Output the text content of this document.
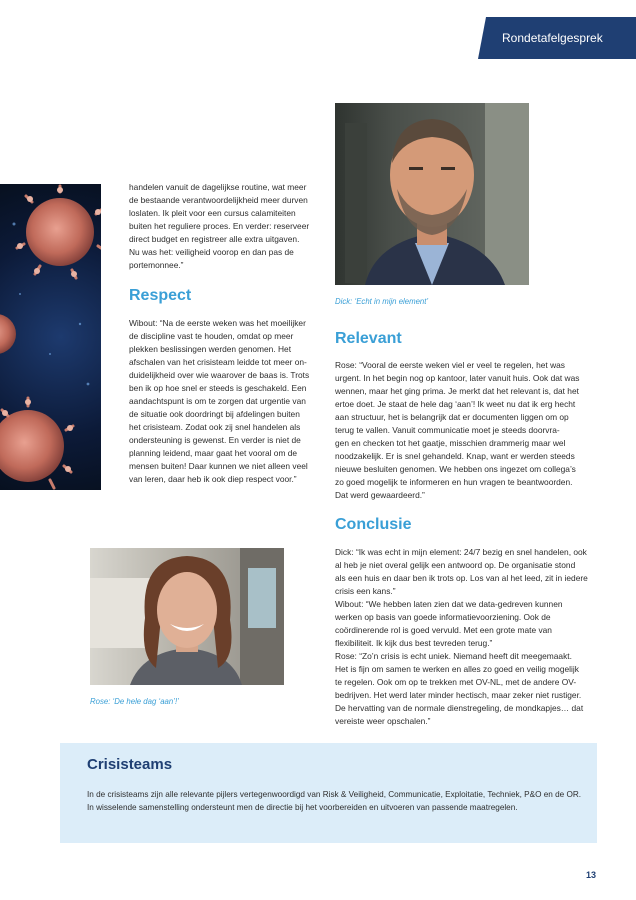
Rondetafelgesprek

handelen vanuit de dagelijkse routine, wat meer
de bestaande verantwoordelijkheid meer durven
loslaten. Ik pleit voor een cursus calamiteiten
buiten het reguliere proces. En verder: reserveer
direct budget en registreer alle extra uitgaven.
Nu was het: veiligheid voorop en dan pas de
portemonnee.”

Respect

Wibout: “Na de eerste weken was het moeilijker
de discipline vast te houden, omdat op meer
plekken beslissingen werden genomen. Het
afschalen van het crisisteam leidde tot meer on-
duidelijkheid over wie waarover de baas is. Trots
ben ik op hoe snel er steeds is geschakeld. Een
aandachtspunt is om te zorgen dat urgentie van
de situatie ook doordringt bij afdelingen buiten
het crisisteam. Zodat ook zij snel handelen als
ondersteuning is gewenst. En verder is niet de
planning leidend, maar gaat het vooral om de
mensen buiten! Daar kunnen we niet alleen veel
van leren, daar heb ik ook diep respect voor.”

Dick: ‘Echt in mijn element’
Relevant

Rose: “Vooral de eerste weken viel er veel te regelen, het was
urgent. In het begin nog op kantoor, later vanuit huis. Ook dat was
wennen, maar het ging prima. Je merkt dat het relevant is, dat het
ertoe doet. Je staat de hele dag ‘aan’! Ik weet nu dat ik erg hecht
aan structuur, het is belangrijk dat er documenten liggen om op
terug te vallen. Vanuit communicatie moet je steeds doorvra-
gen en checken tot het gaatje, misschien drammerig maar wel
noodzakelijk. Er is snel gehandeld. Knap, want er werden steeds
nieuwe besluiten genomen. We hebben ons ingezet om collega’s
zo goed mogelijk te informeren en hun vragen te beantwoorden.
Dat werd gewaardeerd.”

Conclusie

Dick: “Ik was echt in mijn element: 24/7 bezig en snel handelen, ook
al heb je niet overal gelijk een antwoord op. De organisatie stond
als een huis en daar ben ik trots op. Los van al het leed, zit in iedere
crisis een kans.”
Wibout: “We hebben laten zien dat we data-gedreven kunnen
werken op basis van goede informatievoorziening. Ook de
coördinerende rol is goed vervuld. Met een grote mate van
flexibiliteit. Ik kijk dus best tevreden terug.”
Rose: “Zo’n crisis is echt uniek. Niemand heeft dit meegemaakt.
Het is fijn om samen te werken en alles zo goed en veilig mogelijk
te regelen. Ook om op te trekken met OV-NL, met de andere OV-
bedrijven. Het werd later minder hectisch, maar zeker niet rustiger.
De hervatting van de normale dienstregeling, de mondkapjes… dat
vereiste weer opschalen.”

Rose: ‘De hele dag ‘aan’!’
Crisisteams

In de crisisteams zijn alle relevante pijlers vertegenwoordigd van Risk & Veiligheid, Communicatie, Exploitatie, Techniek, P&O en de OR. In wisselende samenstelling ondersteunt men de directie bij het voorbereiden en uitvoeren van passende maatregelen.

13
